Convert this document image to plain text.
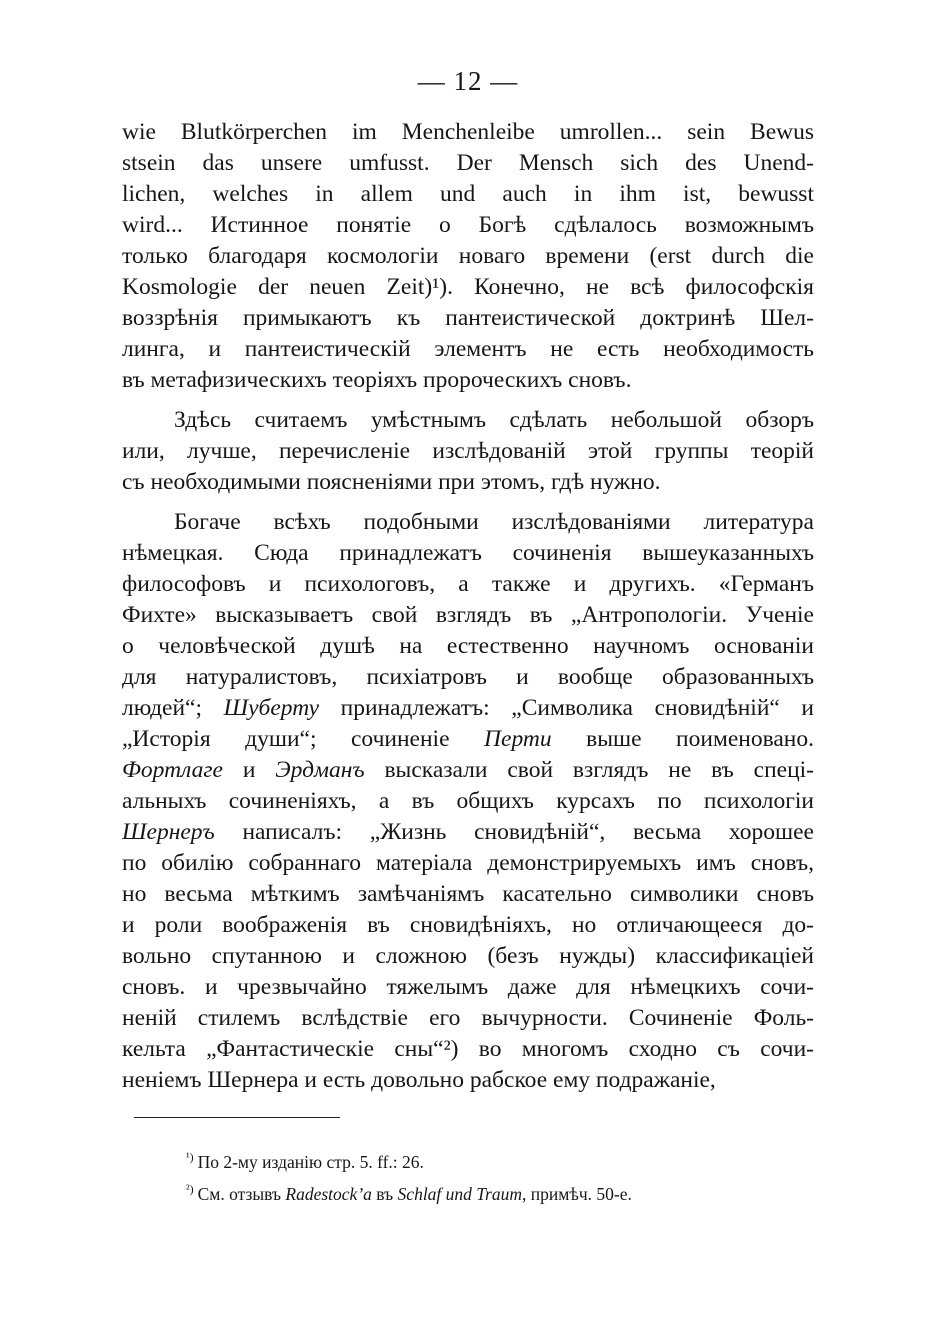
— 12 —
wie Blutkörperchen im Menchenleibe umrollen... sein Bewus
stsein das unsere umfusst. Der Mensch sich des Unend-
lichen, welches in allem und auch in ihm ist, bewusst
wird... Истинное понятіе о Богѣ сдѣлалось возможнымъ
только благодаря космологіи новаго времени (erst durch die
Kosmologie der neuen Zeit)¹). Конечно, не всѣ философскія
воззрѣнія примыкаютъ къ пантеистической доктринѣ Шел-
линга, и пантеистическій элементъ не есть необходимость
въ метафизическихъ теоріяхъ пророческихъ сновъ.
Здѣсь считаемъ умѣстнымъ сдѣлать небольшой обзоръ
или, лучше, перечисленіе изслѣдованій этой группы теорій
съ необходимыми поясненіями при этомъ, гдѣ нужно.
Богаче всѣхъ подобными изслѣдованіями литература
нѣмецкая. Сюда принадлежатъ сочиненія вышеуказанныхъ
философовъ и психологовъ, а также и другихъ. «Германъ
Фихте» высказываетъ свой взглядъ въ „Антропологіи. Ученіе
о человѣческой душѣ на естественно научномъ основаніи
для натуралистовъ, психіатровъ и вообще образованныхъ
людей“; Шуберту принадлежатъ: „Символика сновидѣній“ и
„Исторія души“; сочиненіе Перти выше поименовано.
Фортлаге и Эрдманъ высказали свой взглядъ не въ спеці-
альныхъ сочиненіяхъ, а въ общихъ курсахъ по психологіи
Шернеръ написалъ: „Жизнь сновидѣній“, весьма хорошее
по обилію собраннаго матеріала демонстрируемыхъ имъ сновъ,
но весьма мѣткимъ замѣчаніямъ касательно символики сновъ
и роли воображенія въ сновидѣніяхъ, но отличающееся до-
вольно спутанною и сложною (безъ нужды) классификаціей
сновъ. и чрезвычайно тяжелымъ даже для нѣмецкихъ сочи-
неній стилемъ вслѣдствіе его вычурности. Сочиненіе Фоль-
кельта „Фантастическіе сны“²) во многомъ сходно съ сочи-
неніемъ Шернера и есть довольно рабское ему подражаніе,
$^{^1)}$ По 2-му изданію стр. 5. ff.: 26.
$^{^2)}$ См. отзывъ Radestock’a въ Schlaf und Traum, примѣч. 50-е.
